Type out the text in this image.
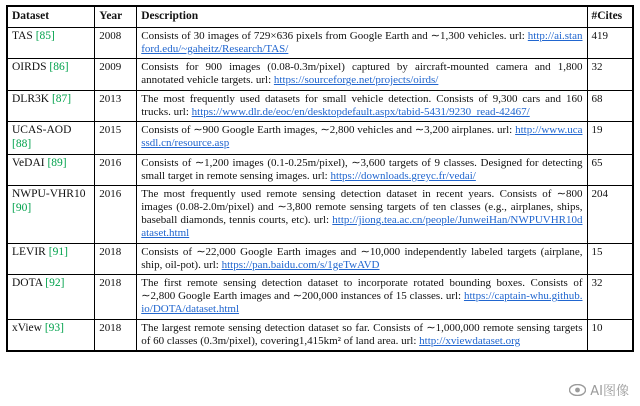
Dataset	Year	Description	#Cites
TAS [85]	2008	Consists of 30 images of 729×636 pixels from Google Earth and ∼1,300 vehicles. url: http://ai.stanford.edu/~gaheitz/Research/TAS/	419
OIRDS [86]	2009	Consists for 900 images (0.08-0.3m/pixel) captured by aircraft-mounted camera and 1,800 annotated vehicle targets. url: https://sourceforge.net/projects/oirds/	32
DLR3K [87]	2013	The most frequently used datasets for small vehicle detection. Consists of 9,300 cars and 160 trucks. url: https://www.dlr.de/eoc/en/desktopdefault.aspx/tabid-5431/9230_read-42467/	68
UCAS-AOD [88]	2015	Consists of ∼900 Google Earth images, ∼2,800 vehicles and ∼3,200 airplanes. url: http://www.ucassdl.cn/resource.asp	19
VeDAI [89]	2016	Consists of ∼1,200 images (0.1-0.25m/pixel), ∼3,600 targets of 9 classes. Designed for detecting small target in remote sensing images. url: https://downloads.greyc.fr/vedai/	65
NWPU-VHR10 [90]	2016	The most frequently used remote sensing detection dataset in recent years. Consists of ∼800 images (0.08-2.0m/pixel) and ∼3,800 remote sensing targets of ten classes (e.g., airplanes, ships, baseball diamonds, tennis courts, etc). url: http://jiong.tea.ac.cn/people/JunweiHan/NWPUVHR10dataset.html	204
LEVIR [91]	2018	Consists of ∼22,000 Google Earth images and ∼10,000 independently labeled targets (airplane, ship, oil-pot). url: https://pan.baidu.com/s/1geTwAVD	15
DOTA [92]	2018	The first remote sensing detection dataset to incorporate rotated bounding boxes. Consists of ∼2,800 Google Earth images and ∼200,000 instances of 15 classes. url: https://captain-whu.github.io/DOTA/dataset.html	32
xView [93]	2018	The largest remote sensing detection dataset so far. Consists of ∼1,000,000 remote sensing targets of 60 classes (0.3m/pixel), covering1,415km² of land area. url: http://xviewdataset.org	10
AI图像
